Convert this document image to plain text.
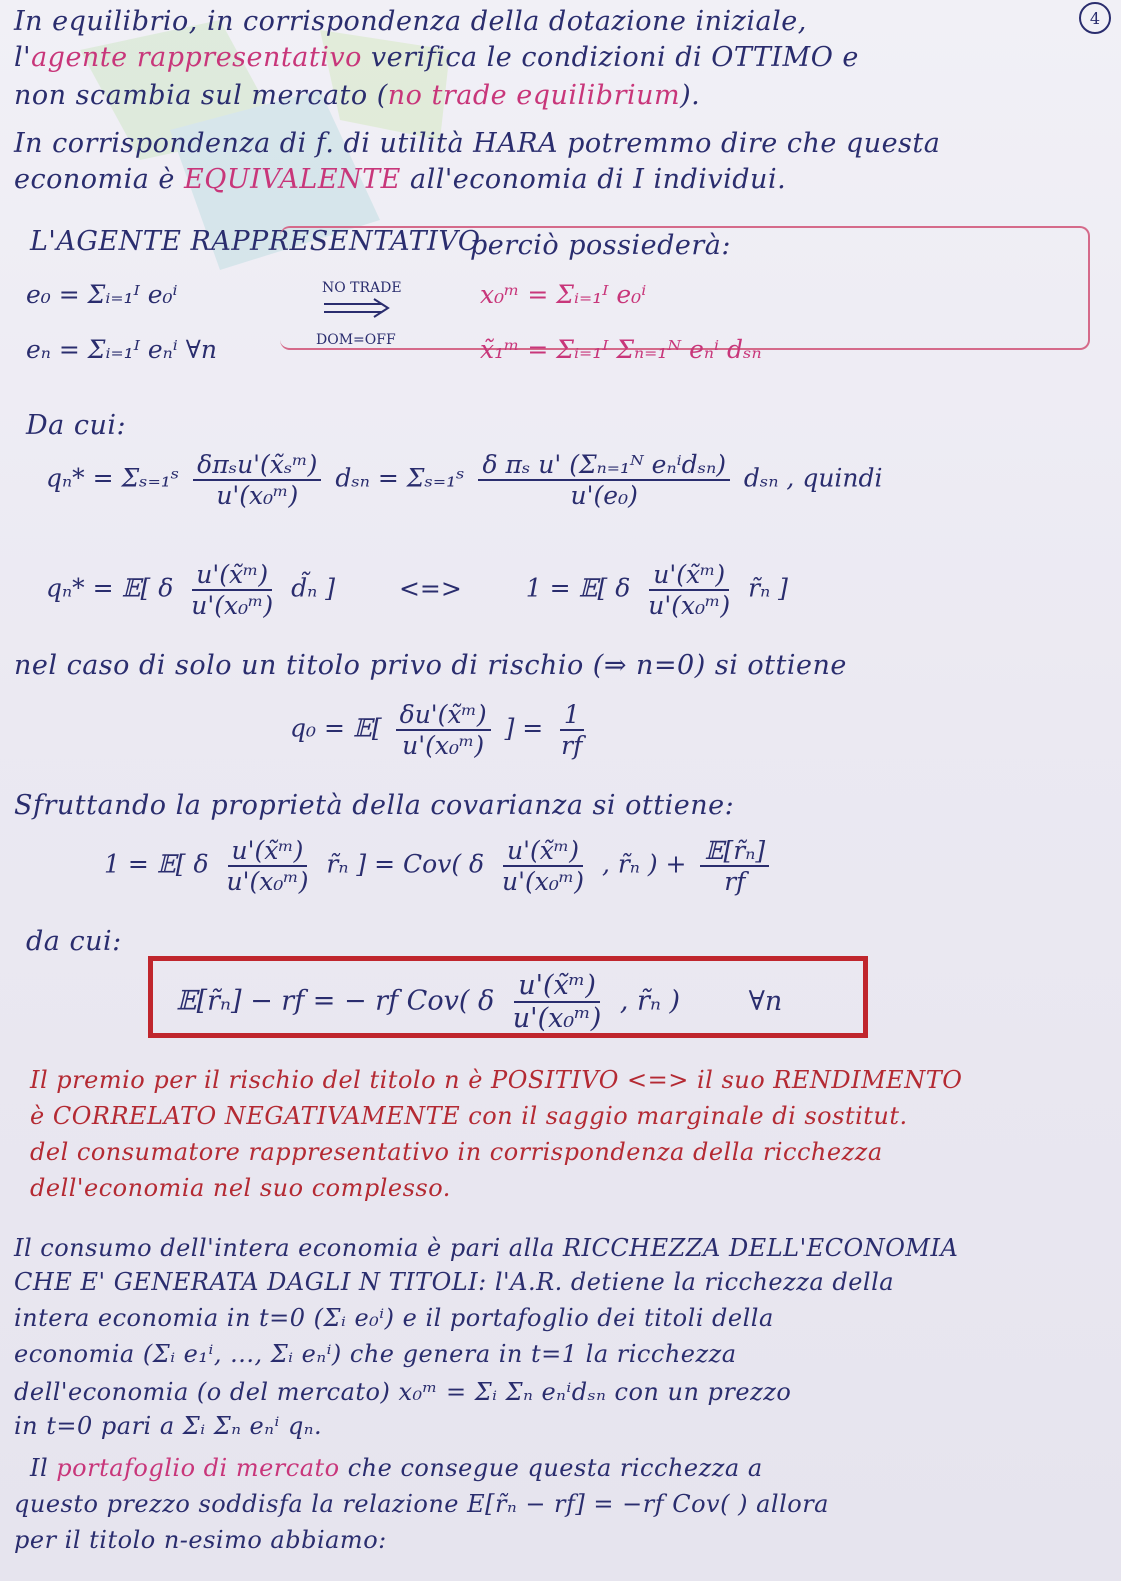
4
In equilibrio, in corrispondenza della dotazione iniziale,
l'agente rappresentativo verifica le condizioni di OTTIMO e
non scambia sul mercato (no trade equilibrium).
In corrispondenza di f. di utilità HARA potremmo dire che questa
economia è EQUIVALENTE all'economia di I individui.
L'AGENTE RAPPRESENTATIVO
perciò possiederà:
e₀ = Σᵢ₌₁ᴵ e₀ⁱ
eₙ = Σᵢ₌₁ᴵ eₙⁱ ∀n
NO TRADE
DOM=OFF
x₀ᵐ = Σᵢ₌₁ᴵ e₀ⁱ
x̃₁ᵐ = Σᵢ₌₁ᴵ Σₙ₌₁ᴺ eₙⁱ dₛₙ
Da cui:
qₙ* = Σₛ₌₁ˢ $\frac{\text{δπₛu'(x̃ₛᵐ)}}{\text{u'(x₀ᵐ)}}$ dₛₙ = Σₛ₌₁ˢ $\frac{\text{δ πₛ u' (Σₙ₌₁ᴺ eₙⁱdₛₙ)}}{\text{u'(e₀)}}$ dₛₙ , quindi
qₙ* = 𝔼[ δ $\frac{\text{u'(x̃ᵐ)}}{\text{u'(x₀ᵐ)}}$ d̃ₙ ]	<=>	1 = 𝔼[ δ $\frac{\text{u'(x̃ᵐ)}}{\text{u'(x₀ᵐ)}}$ r̃ₙ ]
nel caso di solo un titolo privo di rischio (⇒ n=0) si ottiene
q₀ = 𝔼[ $\frac{\text{δu'(x̃ᵐ)}}{\text{u'(x₀ᵐ)}}$ ] = $\frac{1}{rf}$
Sfruttando la proprietà della covarianza si ottiene:
1 = 𝔼[ δ $\frac{\text{u'(x̃ᵐ)}}{\text{u'(x₀ᵐ)}}$ r̃ₙ ] = Cov( δ $\frac{\text{u'(x̃ᵐ)}}{\text{u'(x₀ᵐ)}}$ , r̃ₙ ) + $\frac{\text{𝔼[r̃ₙ]}}{rf}$
da cui:
𝔼[r̃ₙ] − rf = − rf Cov( δ $\frac{\text{u'(x̃ᵐ)}}{\text{u'(x₀ᵐ)}}$ , r̃ₙ )	∀n
Il premio per il rischio del titolo n è POSITIVO <=> il suo RENDIMENTO
è CORRELATO NEGATIVAMENTE con il saggio marginale di sostitut.
del consumatore rappresentativo in corrispondenza della ricchezza
dell'economia nel suo complesso.
Il consumo dell'intera economia è pari alla RICCHEZZA DELL'ECONOMIA
CHE E' GENERATA DAGLI N TITOLI: l'A.R. detiene la ricchezza della
intera economia in t=0 (Σᵢ e₀ⁱ) e il portafoglio dei titoli della
economia (Σᵢ e₁ⁱ, ..., Σᵢ eₙⁱ) che genera in t=1 la ricchezza
dell'economia (o del mercato) x₀ᵐ = Σᵢ Σₙ eₙⁱdₛₙ con un prezzo
in t=0 pari a Σᵢ Σₙ eₙⁱ qₙ.
Il portafoglio di mercato che consegue questa ricchezza a
questo prezzo soddisfa la relazione E[r̃ₙ − rf] = −rf Cov( ) allora
per il titolo n-esimo abbiamo:
